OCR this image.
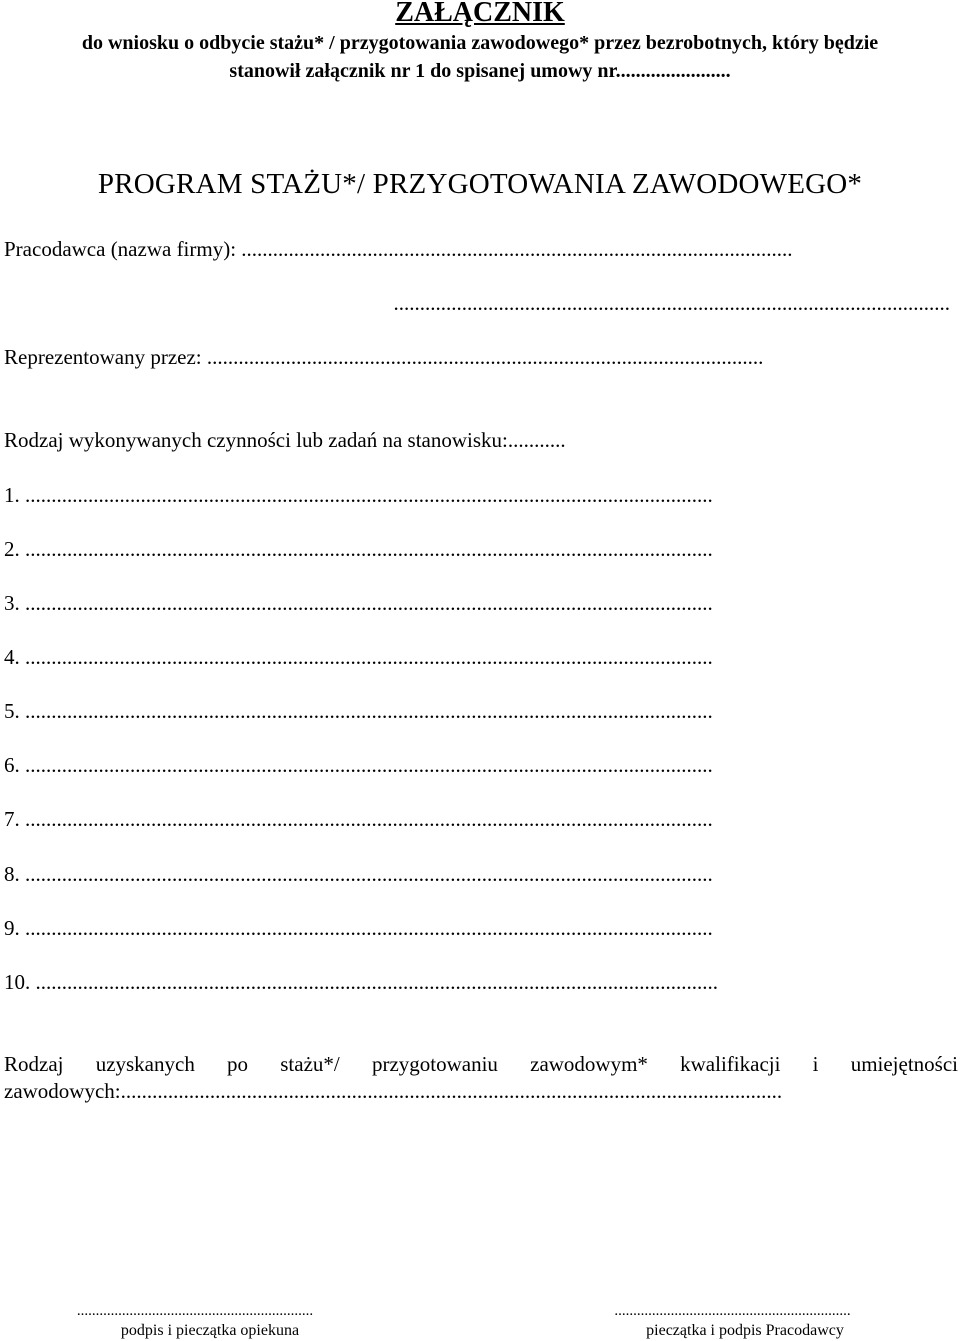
ZAŁĄCZNIK
do wniosku o odbycie stażu* / przygotowania zawodowego* przez bezrobotnych, który będzie
stanowił załącznik nr 1 do spisanej umowy nr.......................
PROGRAM STAŻU*/ PRZYGOTOWANIA ZAWODOWEGO*
Pracodawca (nazwa firmy): .........................................................................................................
..........................................................................................................
Reprezentowany przez: ..........................................................................................................
Rodzaj wykonywanych czynności lub zadań na stanowisku:...........
1. ...................................................................................................................................
2. ...................................................................................................................................
3. ...................................................................................................................................
4. ...................................................................................................................................
5. ...................................................................................................................................
6. ...................................................................................................................................
7. ...................................................................................................................................
8. ...................................................................................................................................
9. ...................................................................................................................................
10. ..................................................................................................................................
Rodzaj uzyskanych po stażu*/ przygotowaniu zawodowym* kwalifikacji i umiejętności
zawodowych:..............................................................................................................................
...............................................................
podpis i pieczątka opiekuna
...............................................................
pieczątka i podpis Pracodawcy
